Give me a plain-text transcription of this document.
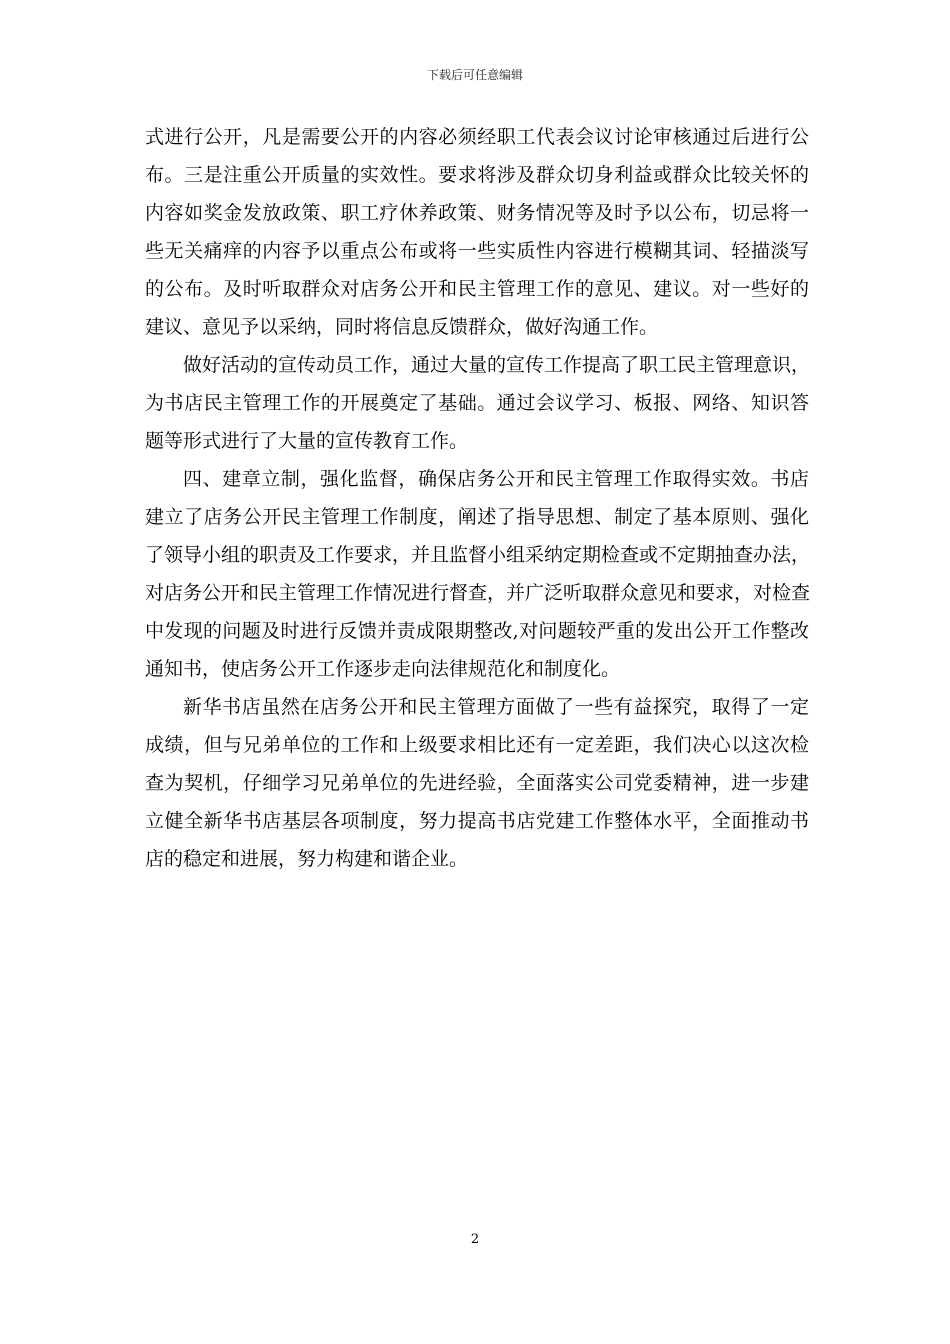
下载后可任意编辑
式进行公开，凡是需要公开的内容必须经职工代表会议讨论审核通过后进行公
布。三是注重公开质量的实效性。要求将涉及群众切身利益或群众比较关怀的
内容如奖金发放政策、职工疗休养政策、财务情况等及时予以公布，切忌将一
些无关痛痒的内容予以重点公布或将一些实质性内容进行模糊其词、轻描淡写
的公布。及时听取群众对店务公开和民主管理工作的意见、建议。对一些好的
建议、意见予以采纳，同时将信息反馈群众，做好沟通工作。
做好活动的宣传动员工作，通过大量的宣传工作提高了职工民主管理意识，
为书店民主管理工作的开展奠定了基础。通过会议学习、板报、网络、知识答
题等形式进行了大量的宣传教育工作。
四、建章立制，强化监督，确保店务公开和民主管理工作取得实效。书店
建立了店务公开民主管理工作制度，阐述了指导思想、制定了基本原则、强化
了领导小组的职责及工作要求，并且监督小组采纳定期检查或不定期抽查办法，
对店务公开和民主管理工作情况进行督查，并广泛听取群众意见和要求，对检查
中发现的问题及时进行反馈并责成限期整改,对问题较严重的发出公开工作整改
通知书，使店务公开工作逐步走向法律规范化和制度化。
新华书店虽然在店务公开和民主管理方面做了一些有益探究，取得了一定
成绩，但与兄弟单位的工作和上级要求相比还有一定差距，我们决心以这次检
查为契机，仔细学习兄弟单位的先进经验，全面落实公司党委精神，进一步建
立健全新华书店基层各项制度，努力提高书店党建工作整体水平，全面推动书
店的稳定和进展，努力构建和谐企业。
2
